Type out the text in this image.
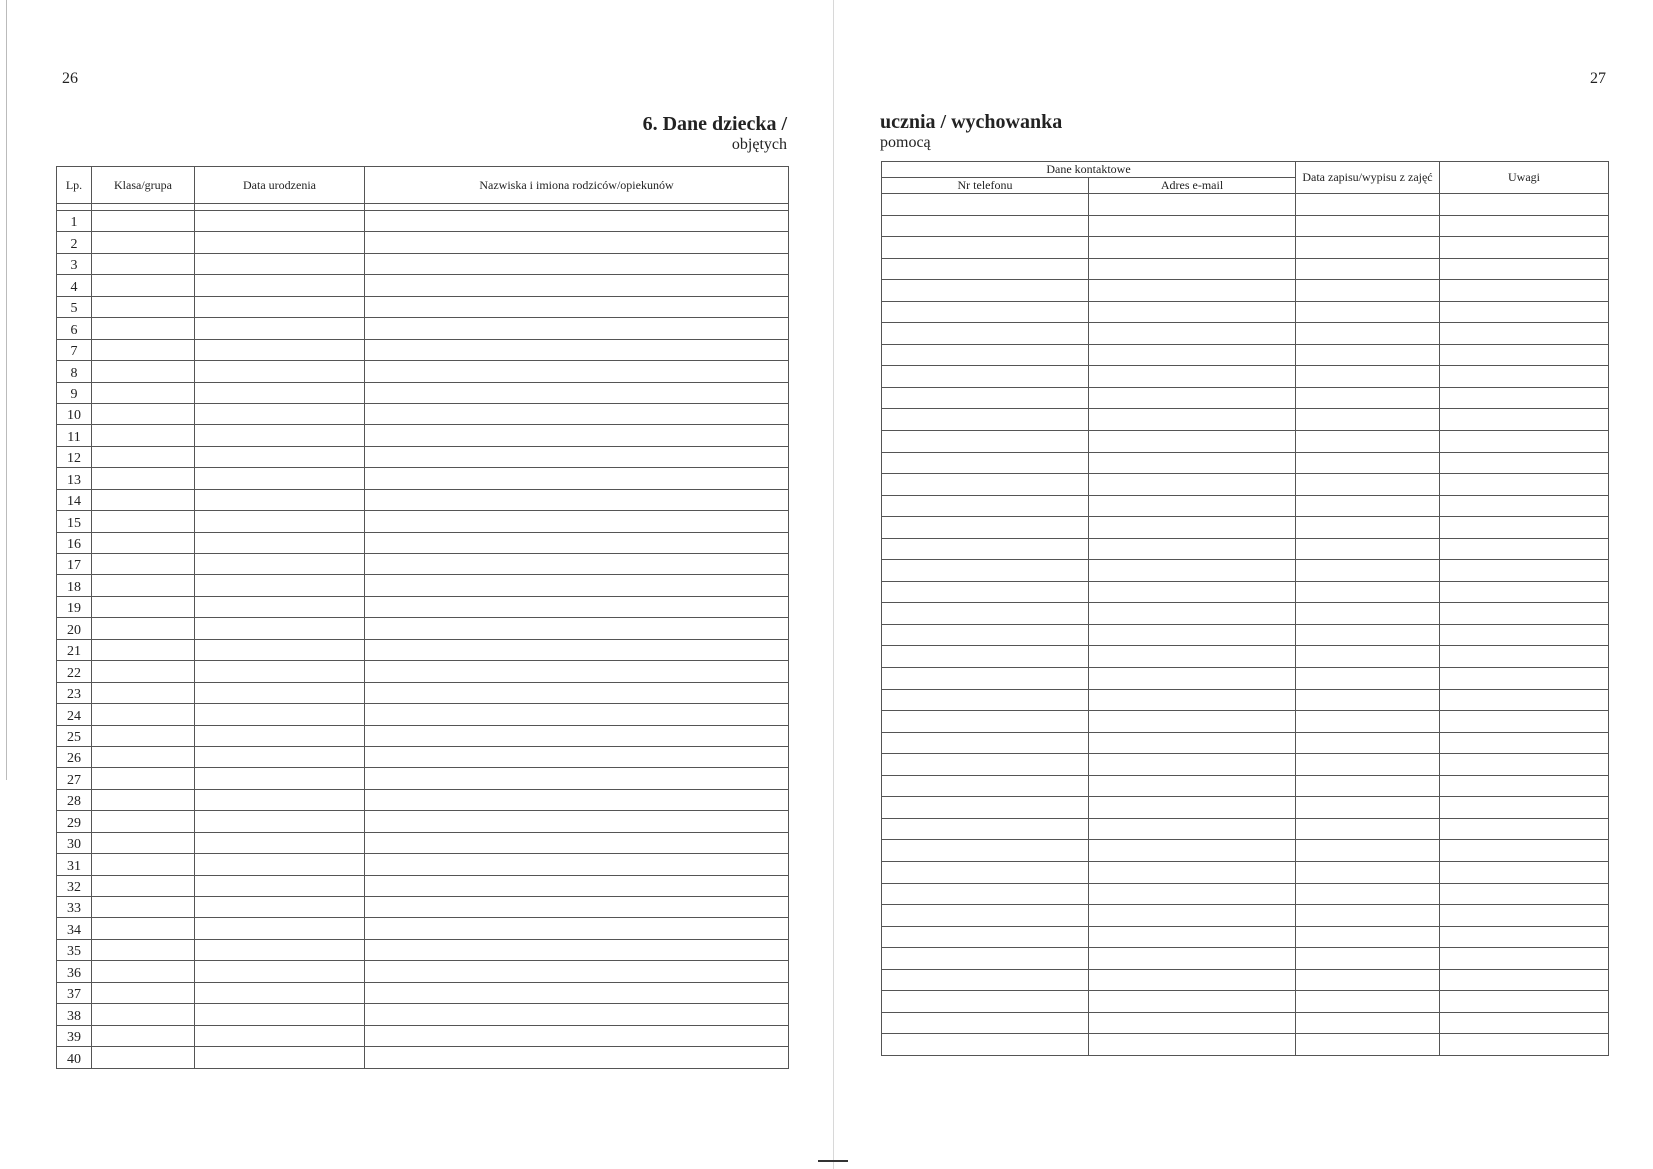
26	27
6. Dane dziecka /
objętych
ucznia / wychowanka
pomocą
Lp.	Klasa/grupa	Data urodzenia	Nazwiska i imiona rodziców/opiekunów

1			
2			
3			
4			
5			
6			
7			
8			
9			
10			
11			
12			
13			
14			
15			
16			
17			
18			
19			
20			
21			
22			
23			
24			
25			
26			
27			
28			
29			
30			
31			
32			
33			
34			
35			
36			
37			
38			
39			
40			
Dane kontaktowe		Data zapisu/wypisu z zajęć	Uwagi
Nr telefonu	Adres e-mail		
